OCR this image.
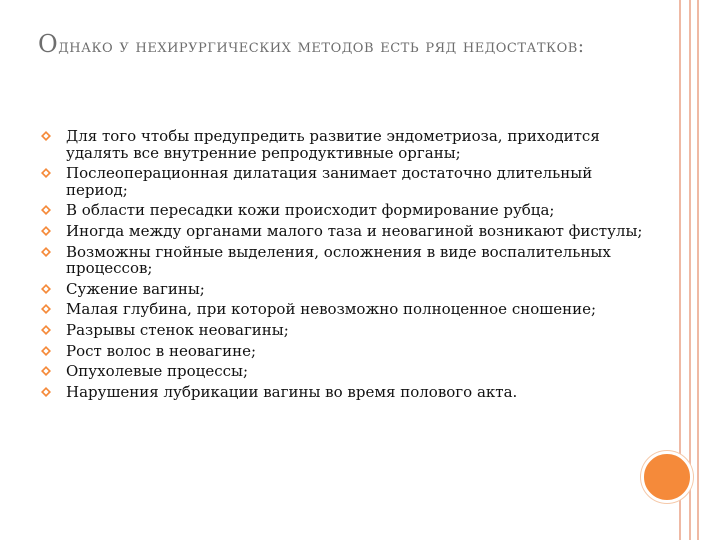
Однако у нехирургических методов есть ряд недостатков:
Для того чтобы предупредить развитие эндометриоза, приходится удалять все внутренние репродуктивные органы;
Послеоперационная дилатация занимает достаточно длительный период;
В области пересадки кожи происходит формирование рубца;
Иногда между органами малого таза и неовагиной возникают фистулы;
Возможны гнойные выделения, осложнения в виде воспалительных процессов;
Сужение вагины;
Малая глубина, при которой невозможно полноценное сношение;
Разрывы стенок неовагины;
Рост волос в неовагине;
Опухолевые процессы;
Нарушения лубрикации вагины во время полового акта.
